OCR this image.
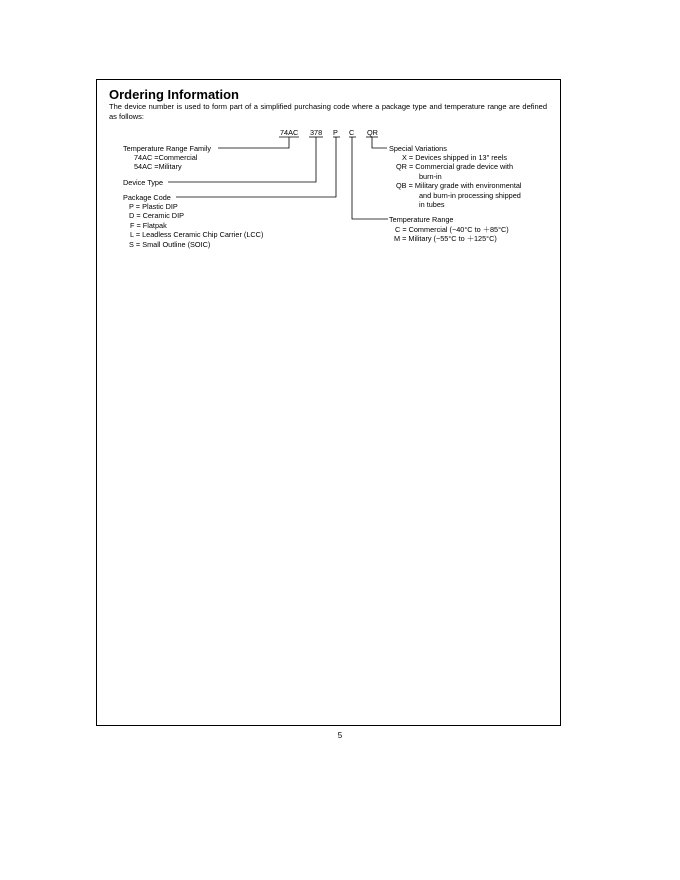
Ordering Information
The device number is used to form part of a simplified purchasing code where a package type and temperature range are defined as follows:
74AC 378 P C QR
Temperature Range Family
74AC =Commercial
54AC =Military
Device Type
Package Code
P = Plastic DIP
D = Ceramic DIP
F = Flatpak
L = Leadless Ceramic Chip Carrier (LCC)
S = Small Outline (SOIC)
Special Variations
X = Devices shipped in 13″ reels
QR = Commercial grade device with
burn-in
QB = Military grade with environmental
and burn-in processing shipped
in tubes
Temperature Range
C = Commercial (−40°C to ＋85°C)
M = Military (−55°C to ＋125°C)
5
